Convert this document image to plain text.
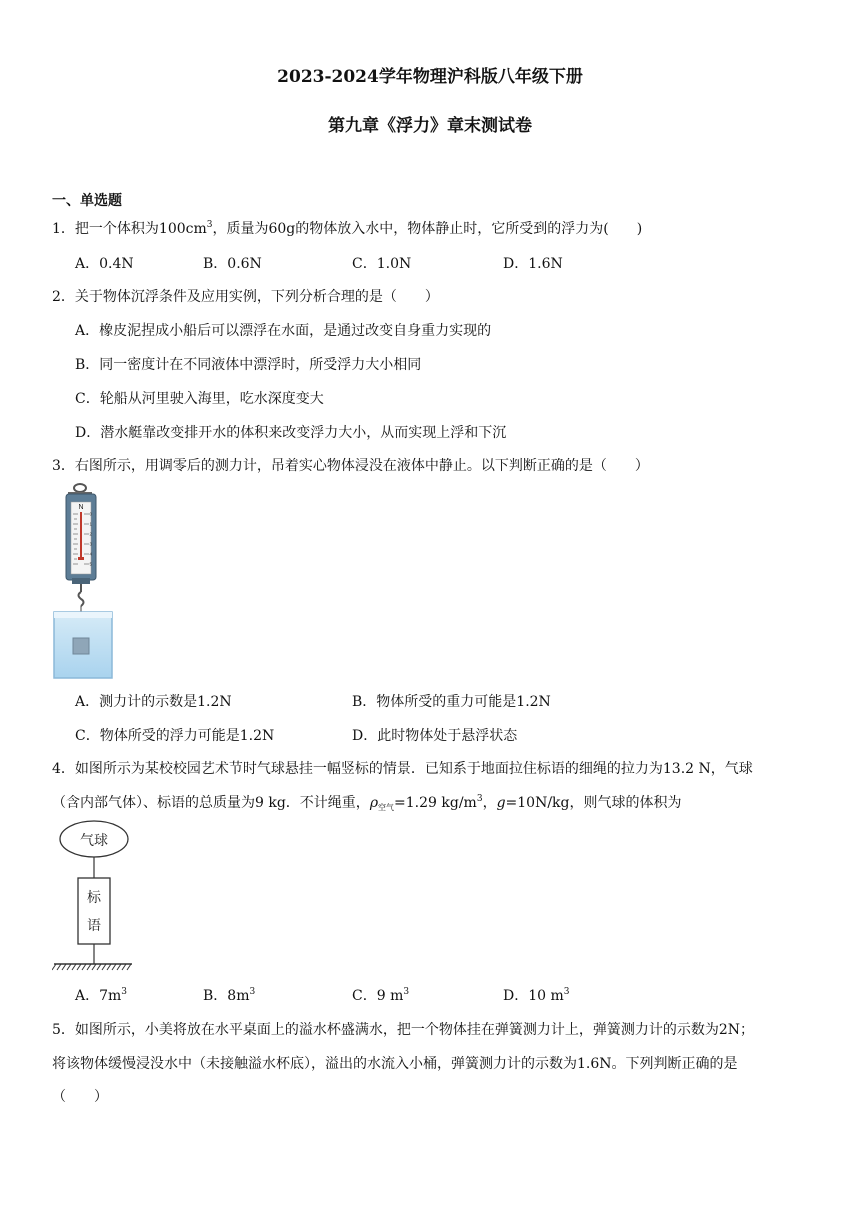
2023-2024学年物理沪科版八年级下册
第九章《浮力》章末测试卷
一、单选题
1．把一个体积为$100cm^3$，质量为60g的物体放入水中，物体静止时，它所受到的浮力为(　　)
A．0.4N	B．0.6N	C．1.0N	D．1.6N
2．关于物体沉浮条件及应用实例，下列分析合理的是（　　）
A．橡皮泥捏成小船后可以漂浮在水面，是通过改变自身重力实现的
B．同一密度计在不同液体中漂浮时，所受浮力大小相同
C．轮船从河里驶入海里，吃水深度变大
D．潜水艇靠改变排开水的体积来改变浮力大小，从而实现上浮和下沉
3．右图所示，用调零后的测力计，吊着实心物体浸没在液体中静止。以下判断正确的是（　　）
N
0
1
2
3
4
5
A．测力计的示数是1.2N	B．物体所受的重力可能是1.2N
C．物体所受的浮力可能是1.2N	D．此时物体处于悬浮状态
4．如图所示为某校校园艺术节时气球悬挂一幅竖标的情景．已知系于地面拉住标语的细绳的拉力为13.2 N，气球
（含内部气体）、标语的总质量为9 kg．不计绳重，$\rho_{空气}=1.29$ $kg/m^3$，g=10N/kg，则气球的体积为
气球
标
语
A．$7m^3$	B．$8m^3$	C．9 $m^3$	D．10 $m^3$
5．如图所示，小美将放在水平桌面上的溢水杯盛满水，把一个物体挂在弹簧测力计上，弹簧测力计的示数为2N；
将该物体缓慢浸没水中（未接触溢水杯底），溢出的水流入小桶，弹簧测力计的示数为1.6N。下列判断正确的是
（　　）
